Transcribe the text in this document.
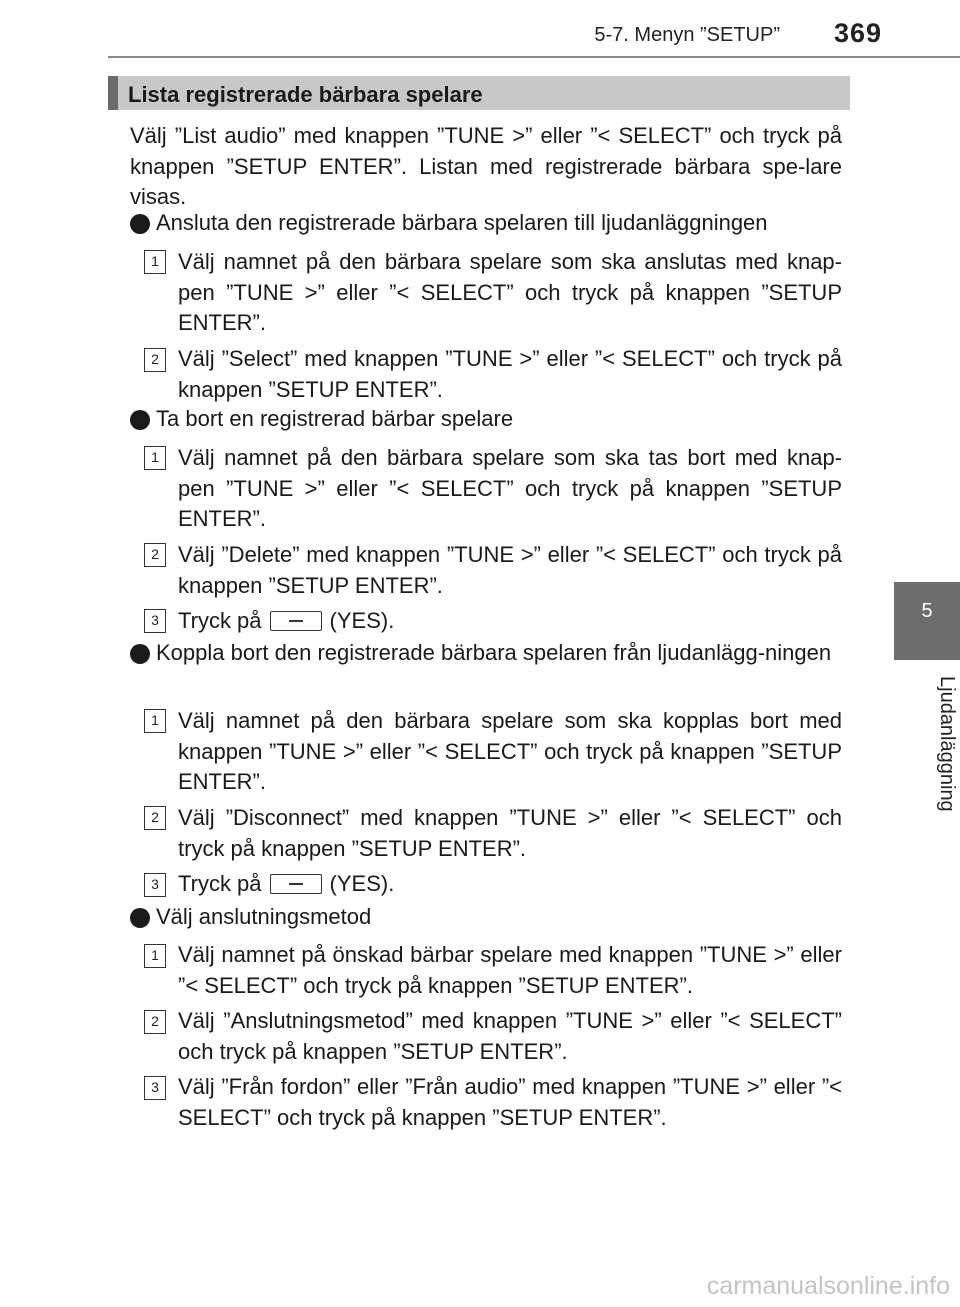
5-7. Menyn ”SETUP” 369
5
Ljudanläggning
Lista registrerade bärbara spelare
Välj ”List audio” med knappen ”TUNE >” eller ”< SELECT” och tryck på knappen ”SETUP ENTER”. Listan med registrerade bärbara spe-lare visas.
Ansluta den registrerade bärbara spelaren till ljudanläggningen
1 Välj namnet på den bärbara spelare som ska anslutas med knap-pen ”TUNE >” eller ”< SELECT” och tryck på knappen ”SETUP ENTER”.
2 Välj ”Select” med knappen ”TUNE >” eller ”< SELECT” och tryck på knappen ”SETUP ENTER”.
Ta bort en registrerad bärbar spelare
1 Välj namnet på den bärbara spelare som ska tas bort med knap-pen ”TUNE >” eller ”< SELECT” och tryck på knappen ”SETUP ENTER”.
2 Välj ”Delete” med knappen ”TUNE >” eller ”< SELECT” och tryck på knappen ”SETUP ENTER”.
3 Tryck på	(YES).
Koppla bort den registrerade bärbara spelaren från ljudanlägg-ningen
1 Välj namnet på den bärbara spelare som ska kopplas bort med knappen ”TUNE >” eller ”< SELECT” och tryck på knappen ”SETUP ENTER”.
2 Välj ”Disconnect” med knappen ”TUNE >” eller ”< SELECT” och tryck på knappen ”SETUP ENTER”.
3 Tryck på	(YES).
Välj anslutningsmetod
1 Välj namnet på önskad bärbar spelare med knappen ”TUNE >” eller ”< SELECT” och tryck på knappen ”SETUP ENTER”.
2 Välj ”Anslutningsmetod” med knappen ”TUNE >” eller ”< SELECT” och tryck på knappen ”SETUP ENTER”.
3 Välj ”Från fordon” eller ”Från audio” med knappen ”TUNE >” eller ”< SELECT” och tryck på knappen ”SETUP ENTER”.
carmanualsonline.info
